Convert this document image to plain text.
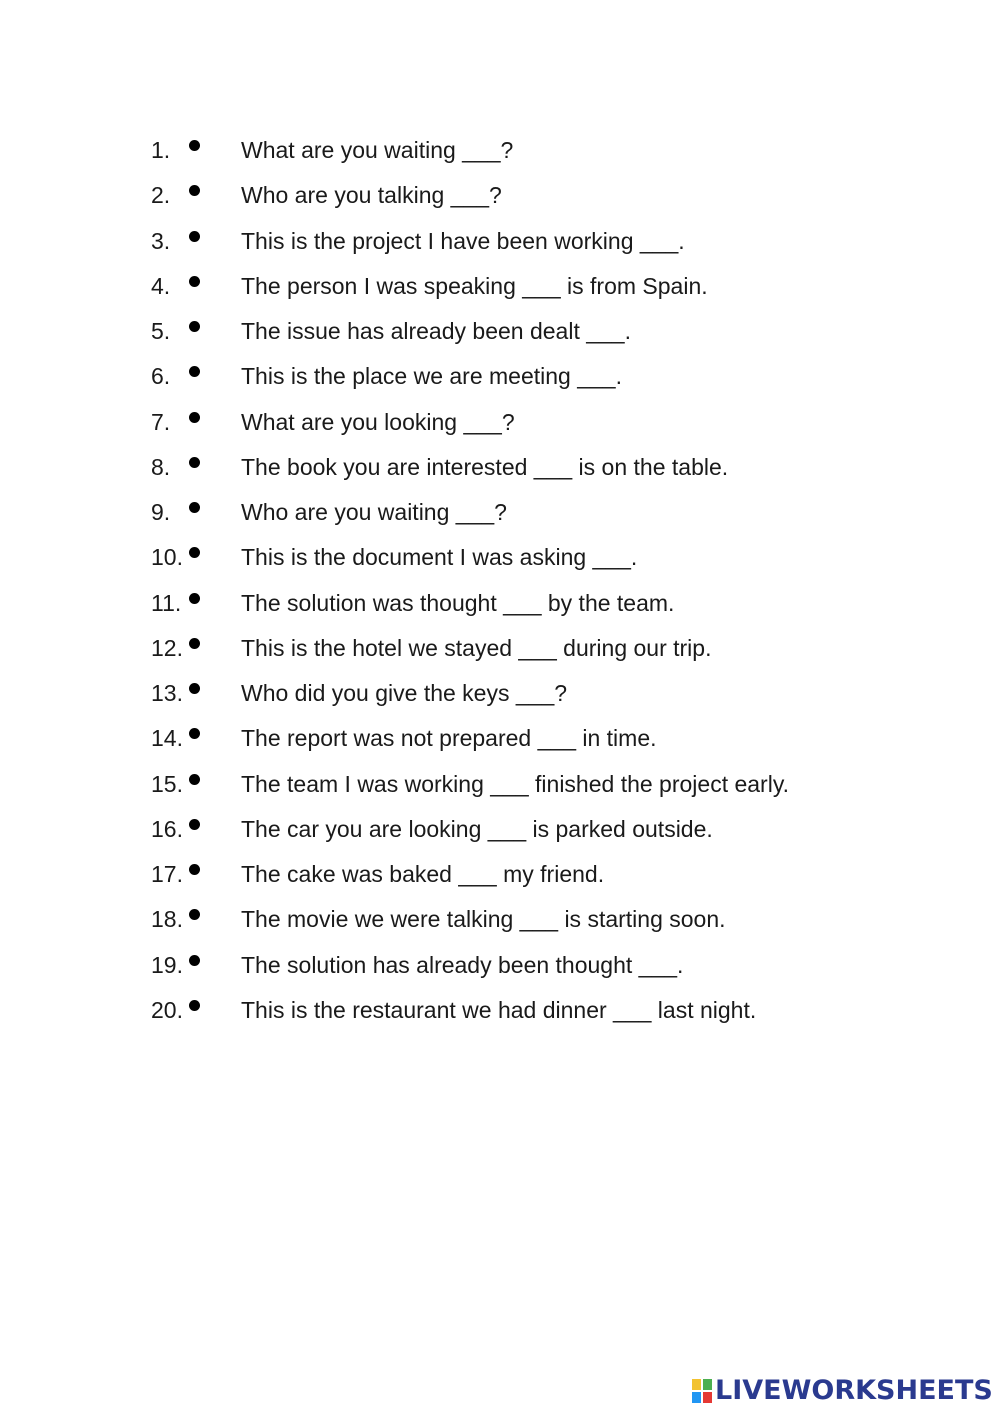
1.	What are you waiting ___?
2.	Who are you talking ___?
3.	This is the project I have been working ___.
4.	The person I was speaking ___ is from Spain.
5.	The issue has already been dealt ___.
6.	This is the place we are meeting ___.
7.	What are you looking ___?
8.	The book you are interested ___ is on the table.
9.	Who are you waiting ___?
10.	This is the document I was asking ___.
11.	The solution was thought ___ by the team.
12.	This is the hotel we stayed ___ during our trip.
13.	Who did you give the keys ___?
14.	The report was not prepared ___ in time.
15.	The team I was working ___ finished the project early.
16.	The car you are looking ___ is parked outside.
17.	The cake was baked ___ my friend.
18.	The movie we were talking ___ is starting soon.
19.	The solution has already been thought ___.
20.	This is the restaurant we had dinner ___ last night.
LIVEWORKSHEETS
